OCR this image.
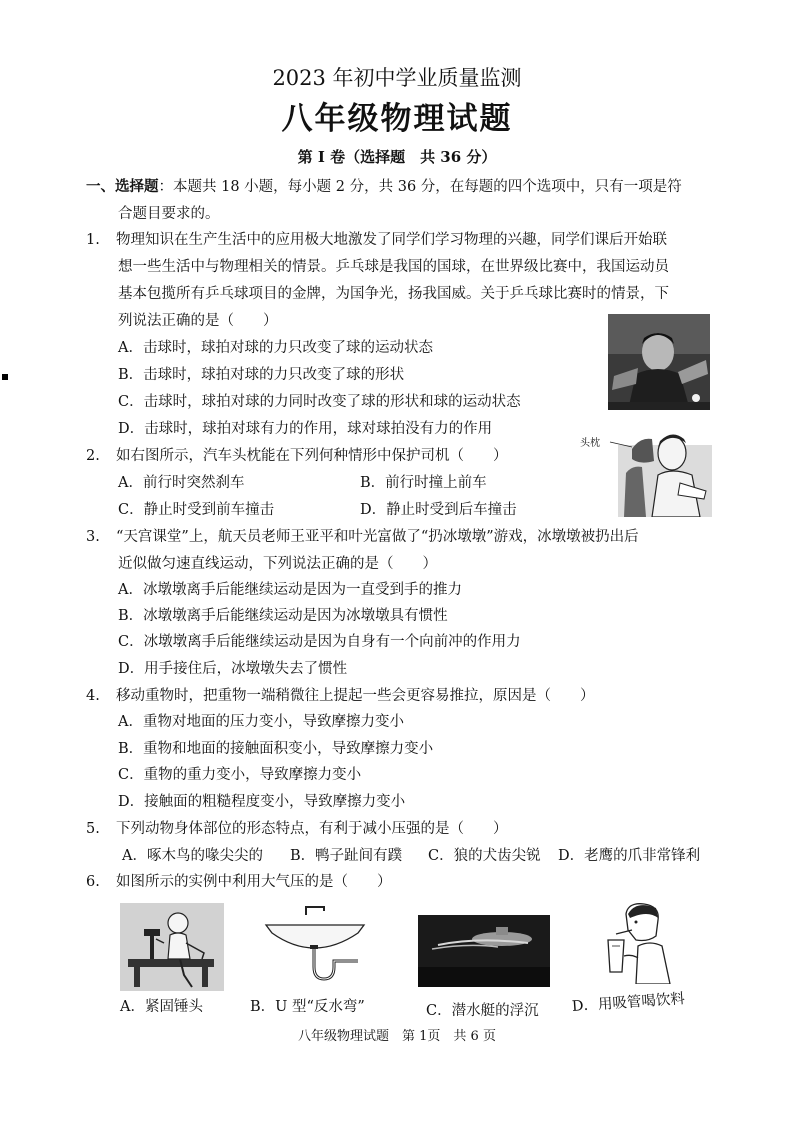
2023 年初中学业质量监测
八年级物理试题
第 I 卷（选择题　共 36 分）
一、选择题：本题共 18 小题，每小题 2 分，共 36 分，在每题的四个选项中，只有一项是符
合题目要求的。
1. 物理知识在生产生活中的应用极大地激发了同学们学习物理的兴趣，同学们课后开始联
想一些生活中与物理相关的情景。乒乓球是我国的国球，在世界级比赛中，我国运动员
基本包揽所有乒乓球项目的金牌，为国争光，扬我国威。关于乒乓球比赛时的情景，下
列说法正确的是（　　）
A．击球时，球拍对球的力只改变了球的运动状态
B．击球时，球拍对球的力只改变了球的形状
C．击球时，球拍对球的力同时改变了球的形状和球的运动状态
D．击球时，球拍对球有力的作用，球对球拍没有力的作用
2. 如右图所示，汽车头枕能在下列何种情形中保护司机（　　）
A．前行时突然刹车	B．前行时撞上前车
C．静止时受到前车撞击	D．静止时受到后车撞击
头枕
3. “天宫课堂”上，航天员老师王亚平和叶光富做了“扔冰墩墩”游戏，冰墩墩被扔出后
近似做匀速直线运动，下列说法正确的是（　　）
A．冰墩墩离手后能继续运动是因为一直受到手的推力
B．冰墩墩离手后能继续运动是因为冰墩墩具有惯性
C．冰墩墩离手后能继续运动是因为自身有一个向前冲的作用力
D．用手接住后，冰墩墩失去了惯性
4. 移动重物时，把重物一端稍微往上提起一些会更容易推拉，原因是（　　）
A．重物对地面的压力变小，导致摩擦力变小
B．重物和地面的接触面积变小，导致摩擦力变小
C．重物的重力变小，导致摩擦力变小
D．接触面的粗糙程度变小，导致摩擦力变小
5. 下列动物身体部位的形态特点，有利于减小压强的是（　　）
A．啄木鸟的喙尖尖的 B．鸭子趾间有蹼 C．狼的犬齿尖锐 D．老鹰的爪非常锋利
6. 如图所示的实例中利用大气压的是（　　）
A．紧固锤头	B．U 型“反水弯”	C．潜水艇的浮沉 D．用吸管喝饮料
八年级物理试题　第 1页　共 6 页
